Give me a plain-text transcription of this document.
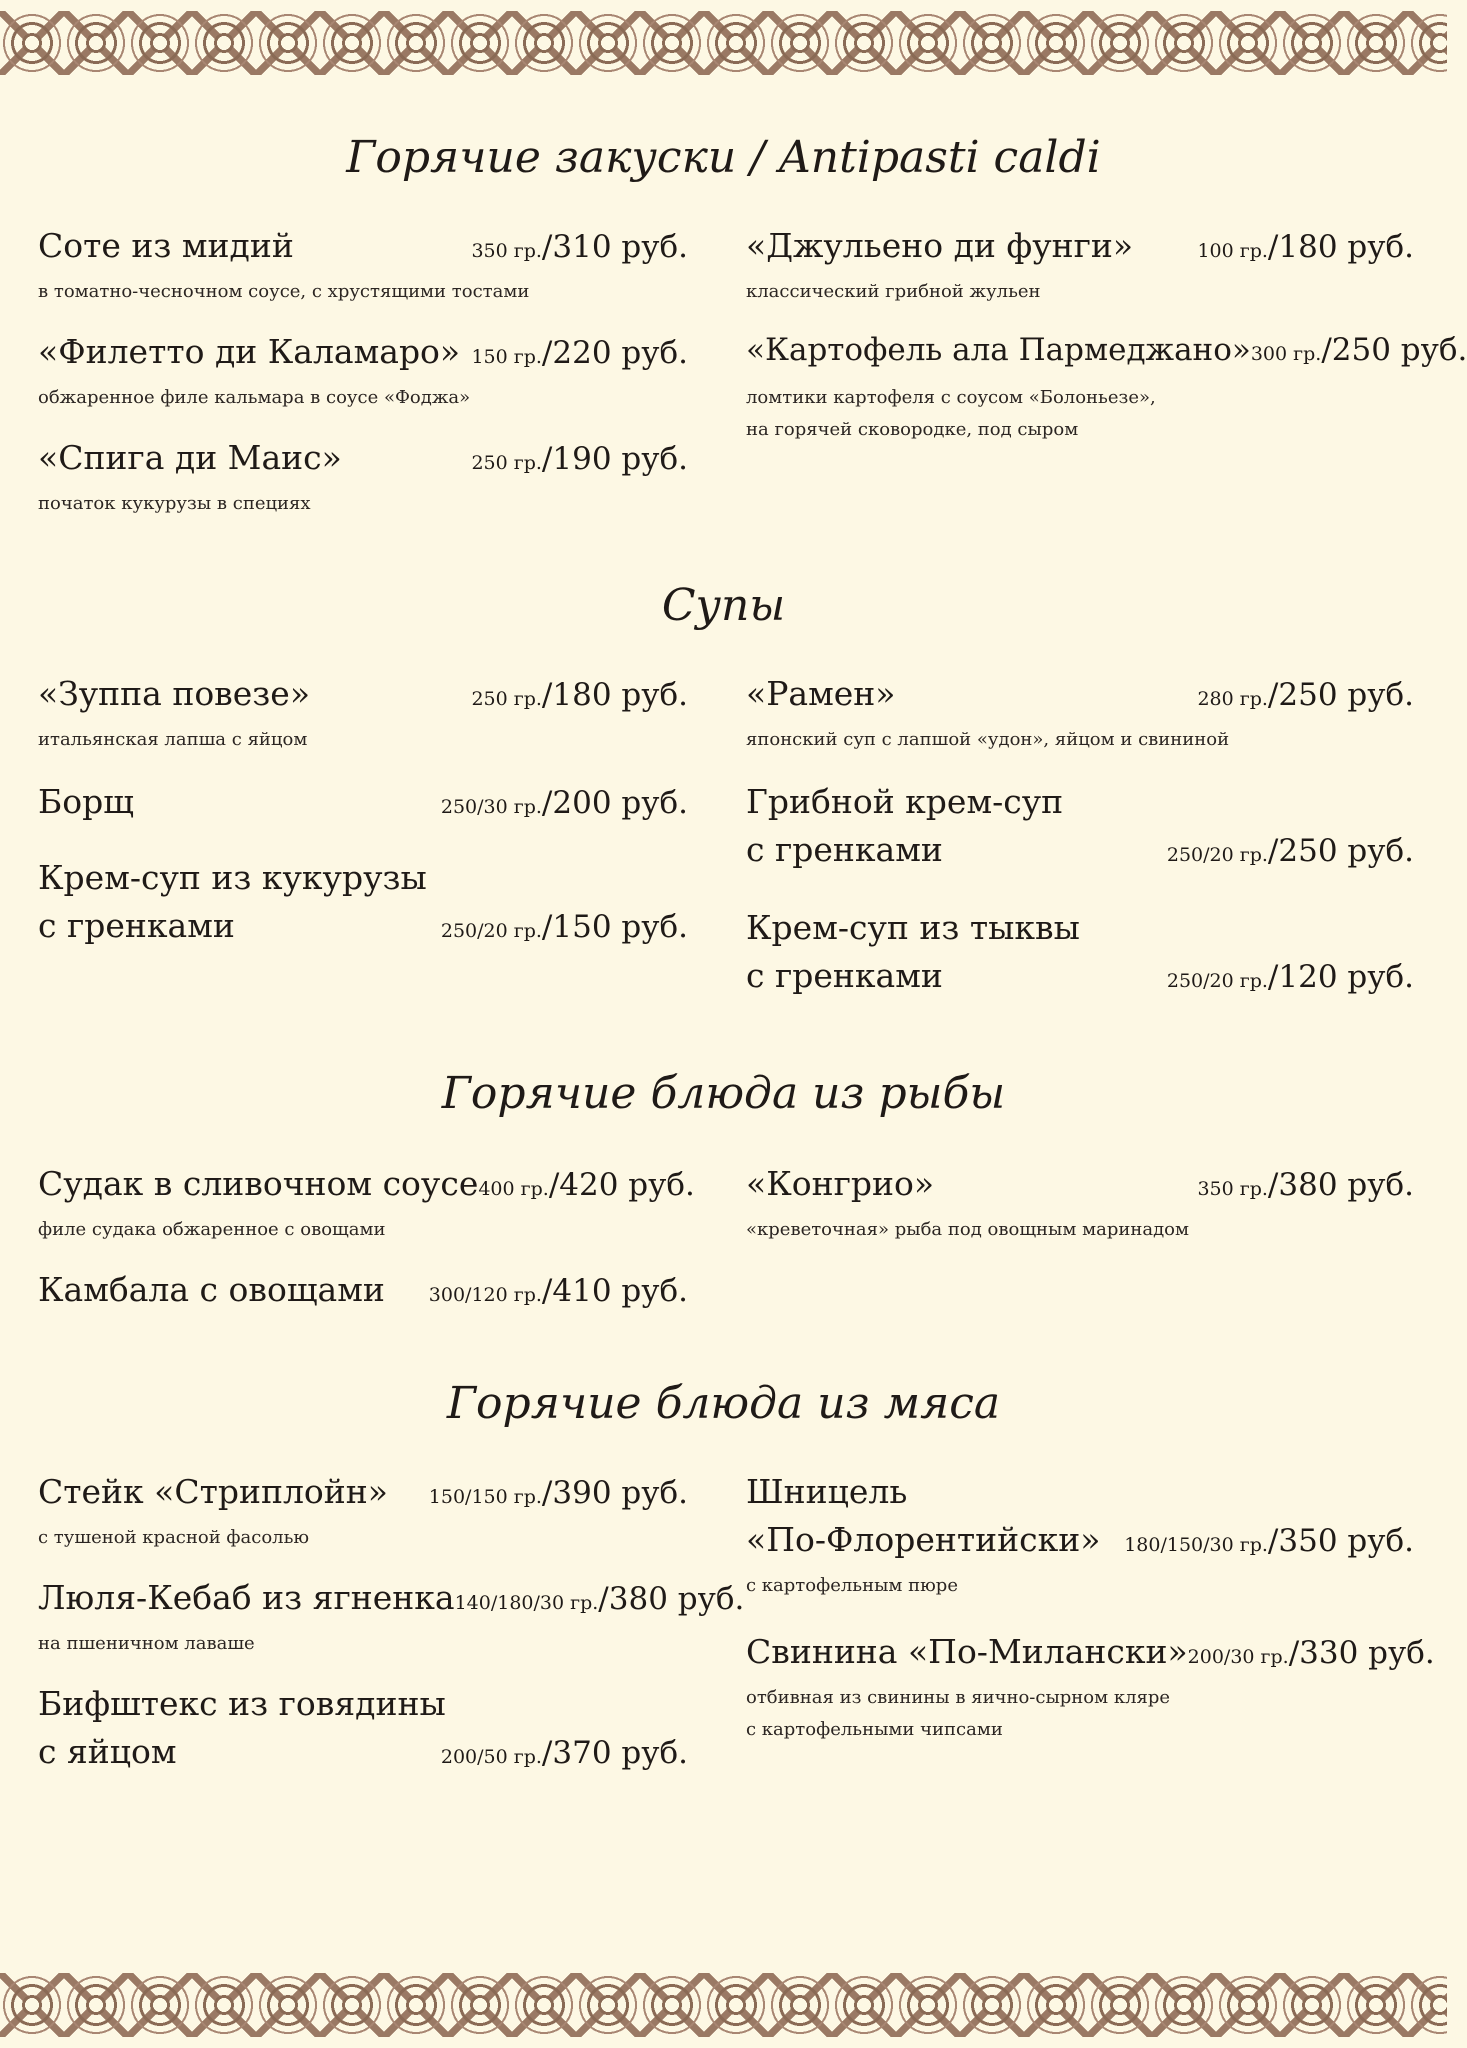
Горячие закуски / Antipasti caldi
Соте из мидий	350 гр./310 руб.
в томатно-чесночном соусе, с хрустящими тостами
«Филетто ди Каламаро» 150 гр./220 руб.
обжаренное филе кальмара в соусе «Фоджа»
«Спига ди Маис»	250 гр./190 руб.
початок кукурузы в специях
«Джульено ди фунги»	100 гр./180 руб.
классический грибной жульен
«Картофель ала Пармеджано» 300 гр./250 руб.
ломтики картофеля с соусом «Болоньезе»,
на горячей сковородке, под сыром
Супы
«Зуппа повезе»	250 гр./180 руб.
итальянская лапша с яйцом
Борщ	250/30 гр./200 руб.
Крем-суп из кукурузы
с гренками	250/20 гр./150 руб.
«Рамен»	280 гр./250 руб.
японский суп с лапшой «удон», яйцом и свининой
Грибной крем-суп
с гренками	250/20 гр./250 руб.
Крем-суп из тыквы
с гренками	250/20 гр./120 руб.
Горячие блюда из рыбы
Судак в сливочном соусе 400 гр./420 руб.
филе судака обжаренное с овощами
Камбала с овощами 300/120 гр./410 руб.
«Конгрио»	350 гр./380 руб.
«креветочная» рыба под овощным маринадом
Горячие блюда из мяса
Стейк «Стриплойн» 150/150 гр./390 руб.
с тушеной красной фасолью
Люля-Кебаб из ягненка 140/180/30 гр./380 руб.
на пшеничном лаваше
Бифштекс из говядины
с яйцом	200/50 гр./370 руб.
Шницель
«По-Флорентийски» 180/150/30 гр./350 руб.
с картофельным пюре
Свинина «По-Милански» 200/30 гр./330 руб.
отбивная из свинины в яично-сырном кляре
с картофельными чипсами
